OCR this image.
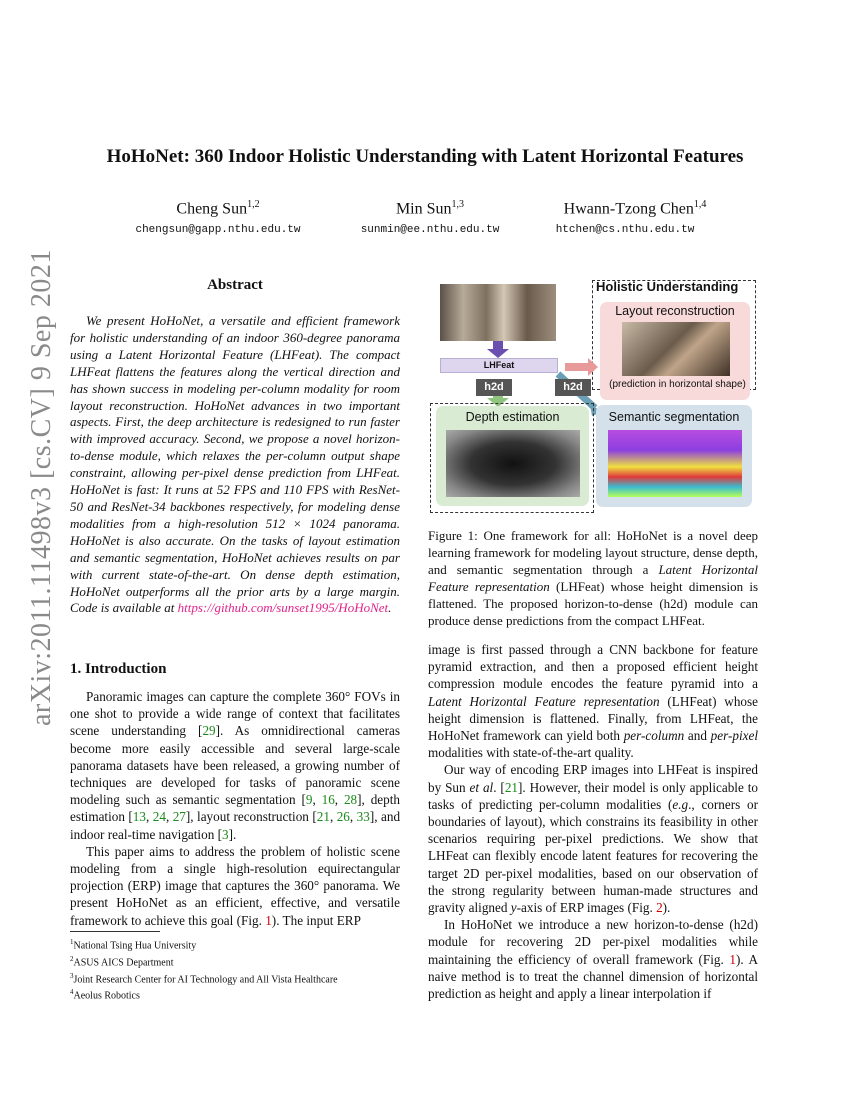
arXiv:2011.11498v3 [cs.CV] 9 Sep 2021
HoHoNet: 360 Indoor Holistic Understanding with Latent Horizontal Features
Cheng Sun$^{1,2}$	Min Sun$^{1,3}$	Hwann-Tzong Chen$^{1,4}$
chengsun@gapp.nthu.edu.tw	sunmin@ee.nthu.edu.tw	htchen@cs.nthu.edu.tw
Abstract

We present HoHoNet, a versatile and efficient framework for holistic understanding of an indoor 360-degree panorama using a Latent Horizontal Feature (LHFeat). The compact LHFeat flattens the features along the vertical direction and has shown success in modeling per-column modality for room layout reconstruction. HoHoNet advances in two important aspects. First, the deep architecture is redesigned to run faster with improved accuracy. Second, we propose a novel horizon-to-dense module, which relaxes the per-column output shape constraint, allowing per-pixel dense prediction from LHFeat. HoHoNet is fast: It runs at 52 FPS and 110 FPS with ResNet-50 and ResNet-34 backbones respectively, for modeling dense modalities from a high-resolution 512 × 1024 panorama. HoHoNet is also accurate. On the tasks of layout estimation and semantic segmentation, HoHoNet achieves results on par with current state-of-the-art. On dense depth estimation, HoHoNet outperforms all the prior arts by a large margin. Code is available at https://github.com/sunset1995/HoHoNet.

Holistic Understanding
Layout reconstruction
(prediction in horizontal shape)
LHFeat
h2d	h2d
Depth estimation	Semantic segmentation
Figure 1: One framework for all: HoHoNet is a novel deep learning framework for modeling layout structure, dense depth, and semantic segmentation through a Latent Horizontal Feature representation (LHFeat) whose height dimension is flattened. The proposed horizon-to-dense (h2d) module can produce dense predictions from the compact LHFeat.
1. Introduction

Panoramic images can capture the complete 360° FOVs in one shot to provide a wide range of context that facilitates scene understanding [29]. As omnidirectional cameras become more easily accessible and several large-scale panorama datasets have been released, a growing number of techniques are developed for tasks of panoramic scene modeling such as semantic segmentation [9, 16, 28], depth estimation [13, 24, 27], layout reconstruction [21, 26, 33], and indoor real-time navigation [3].

This paper aims to address the problem of holistic scene modeling from a single high-resolution equirectangular projection (ERP) image that captures the 360° panorama. We present HoHoNet as an efficient, effective, and versatile framework to achieve this goal (Fig. 1). The input ERP

image is first passed through a CNN backbone for feature pyramid extraction, and then a proposed efficient height compression module encodes the feature pyramid into a Latent Horizontal Feature representation (LHFeat) whose height dimension is flattened. Finally, from LHFeat, the HoHoNet framework can yield both per-column and per-pixel modalities with state-of-the-art quality.

Our way of encoding ERP images into LHFeat is inspired by Sun et al. [21]. However, their model is only applicable to tasks of predicting per-column modalities (e.g., corners or boundaries of layout), which constrains its feasibility in other scenarios requiring per-pixel predictions. We show that LHFeat can flexibly encode latent features for recovering the target 2D per-pixel modalities, based on our observation of the strong regularity between human-made structures and gravity aligned y-axis of ERP images (Fig. 2).

In HoHoNet we introduce a new horizon-to-dense (h2d) module for recovering 2D per-pixel modalities while maintaining the efficiency of overall framework (Fig. 1). A naive method is to treat the channel dimension of horizontal prediction as height and apply a linear interpolation if

$^1$National Tsing Hua University
$^2$ASUS AICS Department
$^3$Joint Research Center for AI Technology and All Vista Healthcare
$^4$Aeolus Robotics
